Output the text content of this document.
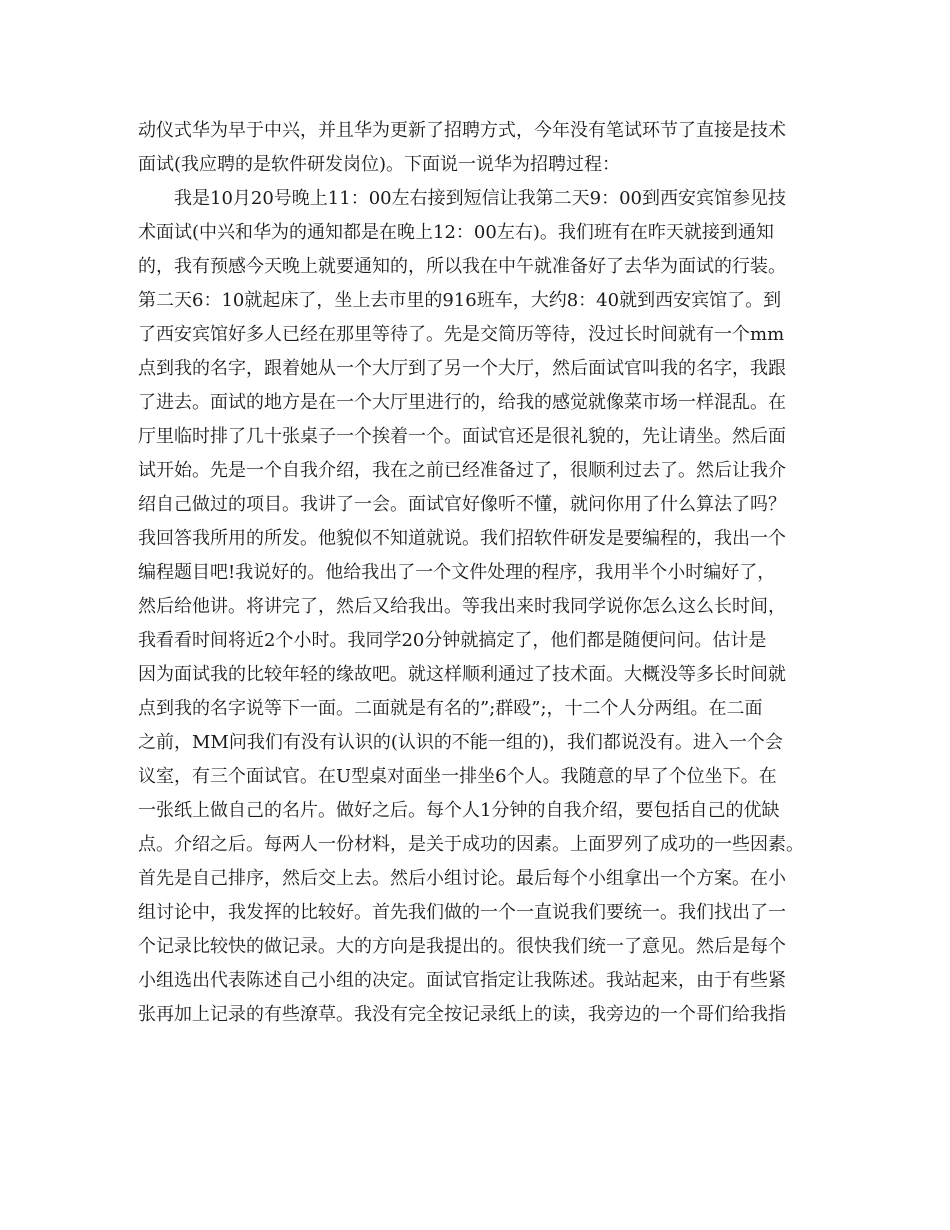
动仪式华为早于中兴，并且华为更新了招聘方式，今年没有笔试环节了直接是技术
面试(我应聘的是软件研发岗位)。下面说一说华为招聘过程：
我是10月20号晚上11：00左右接到短信让我第二天9：00到西安宾馆参见技
术面试(中兴和华为的通知都是在晚上12：00左右)。我们班有在昨天就接到通知
的，我有预感今天晚上就要通知的，所以我在中午就准备好了去华为面试的行装。
第二天6：10就起床了，坐上去市里的916班车，大约8：40就到西安宾馆了。到
了西安宾馆好多人已经在那里等待了。先是交简历等待，没过长时间就有一个mm
点到我的名字，跟着她从一个大厅到了另一个大厅，然后面试官叫我的名字，我跟
了进去。面试的地方是在一个大厅里进行的，给我的感觉就像菜市场一样混乱。在
厅里临时排了几十张桌子一个挨着一个。面试官还是很礼貌的，先让请坐。然后面
试开始。先是一个自我介绍，我在之前已经准备过了，很顺利过去了。然后让我介
绍自己做过的项目。我讲了一会。面试官好像听不懂，就问你用了什么算法了吗？
我回答我所用的所发。他貌似不知道就说。我们招软件研发是要编程的，我出一个
编程题目吧!我说好的。他给我出了一个文件处理的程序，我用半个小时编好了，
然后给他讲。将讲完了，然后又给我出。等我出来时我同学说你怎么这么长时间，
我看看时间将近2个小时。我同学20分钟就搞定了，他们都是随便问问。估计是
因为面试我的比较年轻的缘故吧。就这样顺利通过了技术面。大概没等多长时间就
点到我的名字说等下一面。二面就是有名的”;群殴”;，十二个人分两组。在二面
之前，MM问我们有没有认识的(认识的不能一组的)，我们都说没有。进入一个会
议室，有三个面试官。在U型桌对面坐一排坐6个人。我随意的早了个位坐下。在
一张纸上做自己的名片。做好之后。每个人1分钟的自我介绍，要包括自己的优缺
点。介绍之后。每两人一份材料，是关于成功的因素。上面罗列了成功的一些因素。
首先是自己排序，然后交上去。然后小组讨论。最后每个小组拿出一个方案。在小
组讨论中，我发挥的比较好。首先我们做的一个一直说我们要统一。我们找出了一
个记录比较快的做记录。大的方向是我提出的。很快我们统一了意见。然后是每个
小组选出代表陈述自己小组的决定。面试官指定让我陈述。我站起来，由于有些紧
张再加上记录的有些潦草。我没有完全按记录纸上的读，我旁边的一个哥们给我指
